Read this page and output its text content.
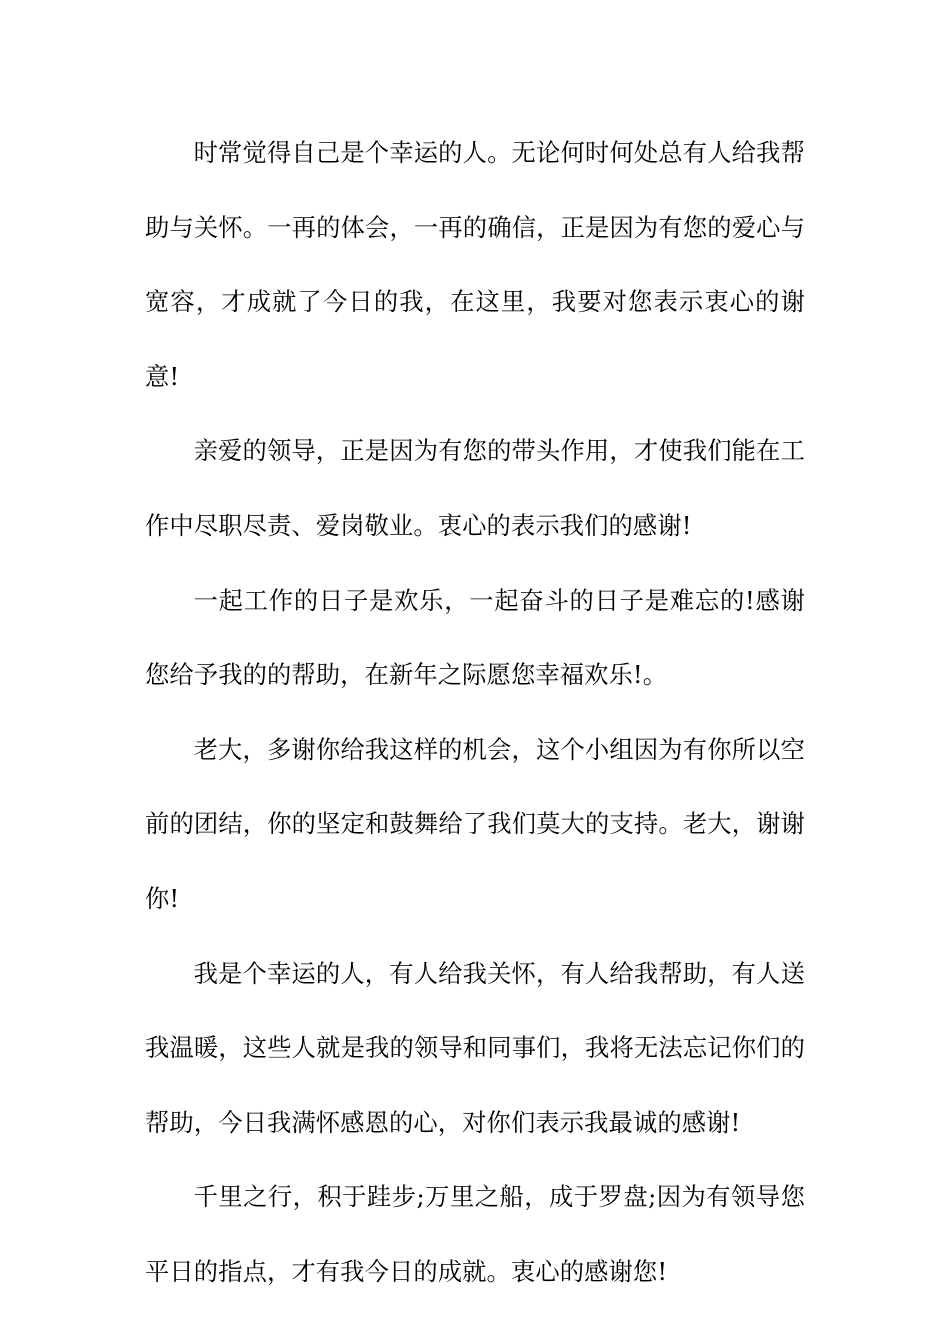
时常觉得自己是个幸运的人。无论何时何处总有人给我帮助与关怀。一再的体会，一再的确信，正是因为有您的爱心与宽容，才成就了今日的我，在这里，我要对您表示衷心的谢意!

亲爱的领导，正是因为有您的带头作用，才使我们能在工作中尽职尽责、爱岗敬业。衷心的表示我们的感谢!

一起工作的日子是欢乐，一起奋斗的日子是难忘的!感谢您给予我的的帮助，在新年之际愿您幸福欢乐!。

老大，多谢你给我这样的机会，这个小组因为有你所以空前的团结，你的坚定和鼓舞给了我们莫大的支持。老大，谢谢你!

我是个幸运的人，有人给我关怀，有人给我帮助，有人送我温暖，这些人就是我的领导和同事们，我将无法忘记你们的帮助，今日我满怀感恩的心，对你们表示我最诚的感谢!

千里之行，积于跬步;万里之船，成于罗盘;因为有领导您平日的指点，才有我今日的成就。衷心的感谢您!
